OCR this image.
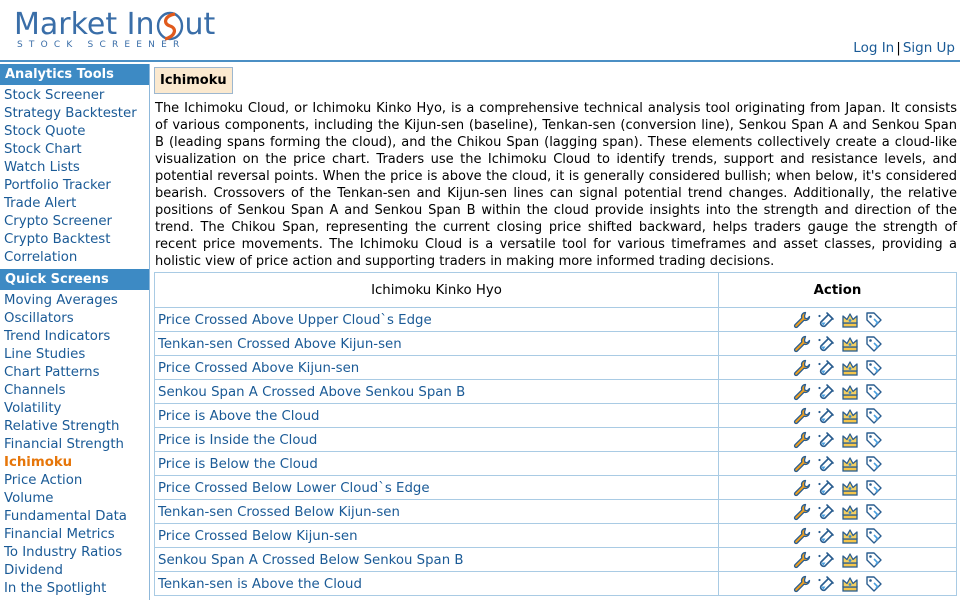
Market In ut
STOCK SCREENER	Log In | Sign Up
Analytics Tools
Stock Screener
Strategy Backtester
Stock Quote
Stock Chart
Watch Lists
Portfolio Tracker
Trade Alert
Crypto Screener
Crypto Backtest
Correlation
Quick Screens
Moving Averages
Oscillators
Trend Indicators
Line Studies
Chart Patterns
Channels
Volatility
Relative Strength
Financial Strength
Ichimoku
Price Action
Volume
Fundamental Data
Financial Metrics
To Industry Ratios
Dividend
In the Spotlight
Ichimoku
The Ichimoku Cloud, or Ichimoku Kinko Hyo, is a comprehensive technical analysis tool originating from Japan. It consists of various components, including the Kijun-sen (baseline), Tenkan-sen (conversion line), Senkou Span A and Senkou Span B (leading spans forming the cloud), and the Chikou Span (lagging span). These elements collectively create a cloud-like visualization on the price chart. Traders use the Ichimoku Cloud to identify trends, support and resistance levels, and potential reversal points. When the price is above the cloud, it is generally considered bullish; when below, it's considered bearish. Crossovers of the Tenkan-sen and Kijun-sen lines can signal potential trend changes. Additionally, the relative positions of Senkou Span A and Senkou Span B within the cloud provide insights into the strength and direction of the trend. The Chikou Span, representing the current closing price shifted backward, helps traders gauge the strength of recent price movements. The Ichimoku Cloud is a versatile tool for various timeframes and asset classes, providing a holistic view of price action and supporting traders in making more informed trading decisions.
Ichimoku Kinko Hyo	Action
Price Crossed Above Upper Cloud`s Edge	
Tenkan-sen Crossed Above Kijun-sen	
Price Crossed Above Kijun-sen	
Senkou Span A Crossed Above Senkou Span B	
Price is Above the Cloud	
Price is Inside the Cloud	
Price is Below the Cloud	
Price Crossed Below Lower Cloud`s Edge	
Tenkan-sen Crossed Below Kijun-sen	
Price Crossed Below Kijun-sen	
Senkou Span A Crossed Below Senkou Span B	
Tenkan-sen is Above the Cloud	
